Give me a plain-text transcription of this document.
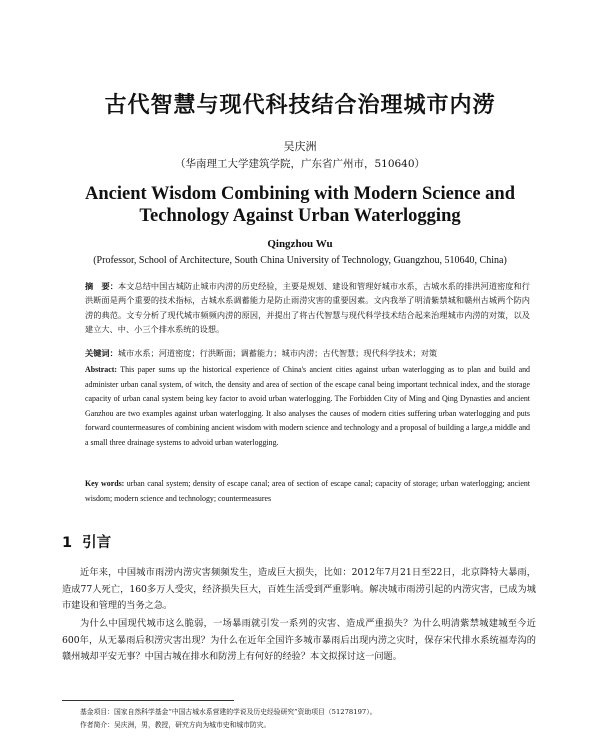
古代智慧与现代科技结合治理城市内涝
吴庆洲
（华南理工大学建筑学院，广东省广州市，510640）
Ancient Wisdom Combining with Modern Science and Technology Against Urban Waterlogging
Qingzhou Wu
(Professor, School of Architecture, South China University of Technology, Guangzhou, 510640, China)
摘　要：本文总结中国古城防止城市内涝的历史经验，主要是规划、建设和管理好城市水系，古城水系的排洪河道密度和行洪断面是两个重要的技术指标，古城水系调蓄能力是防止雨涝灾害的重要因素。文内我举了明清紫禁城和赣州古城两个防内涝的典范。文专分析了现代城市频频内涝的原因，并提出了将古代智慧与现代科学技术结合起来治理城市内涝的对策，以及建立大、中、小三个排水系统的设想。
关键词：城市水系；河道密度；行洪断面；调蓄能力；城市内涝；古代智慧；现代科学技术；对策
Abstract: This paper sums up the historical experience of China's ancient cities against urban waterlogging as to plan and build and administer urban canal system, of witch, the density and area of section of the escape canal being important technical index, and the storage capacity of urban canal system being key factor to avoid urban waterlogging. The Forbidden City of Ming and Qing Dynasties and ancient Ganzhou are two examples against urban waterlogging. It also analyses the causes of modern cities suffering urban waterlogging and puts forward countermeasures of combining ancient wisdom with modern science and technology and a proposal of building a large,a middle and a small three drainage systems to advoid urban waterlogging.
Key words: urban canal system; density of escape canal; area of section of escape canal; capacity of storage; urban waterlogging; ancient wisdom; modern science and technology; countermeasures
1 引言
近年来，中国城市雨涝内涝灾害频频发生，造成巨大损失，比如：2012年7月21日至22日，北京降特大暴雨，造成77人死亡，160多万人受灾，经济损失巨大，百姓生活受到严重影响。解决城市雨涝引起的内涝灾害，已成为城市建设和管理的当务之急。
为什么中国现代城市这么脆弱，一场暴雨就引发一系列的灾害、造成严重损失？为什么明清紫禁城建城至今近600年，从无暴雨后积涝灾害出现？为什么在近年全国许多城市暴雨后出现内涝之灾时，保存宋代排水系统福寿沟的赣州城却平安无事？中国古城在排水和防涝上有何好的经验？本文拟探讨这一问题。
基金项目：国家自然科学基金“中国古城水系营建的学说及历史经验研究”资助项目（51278197）。
作者简介：吴庆洲，男，教授，研究方向为城市史和城市防灾。
